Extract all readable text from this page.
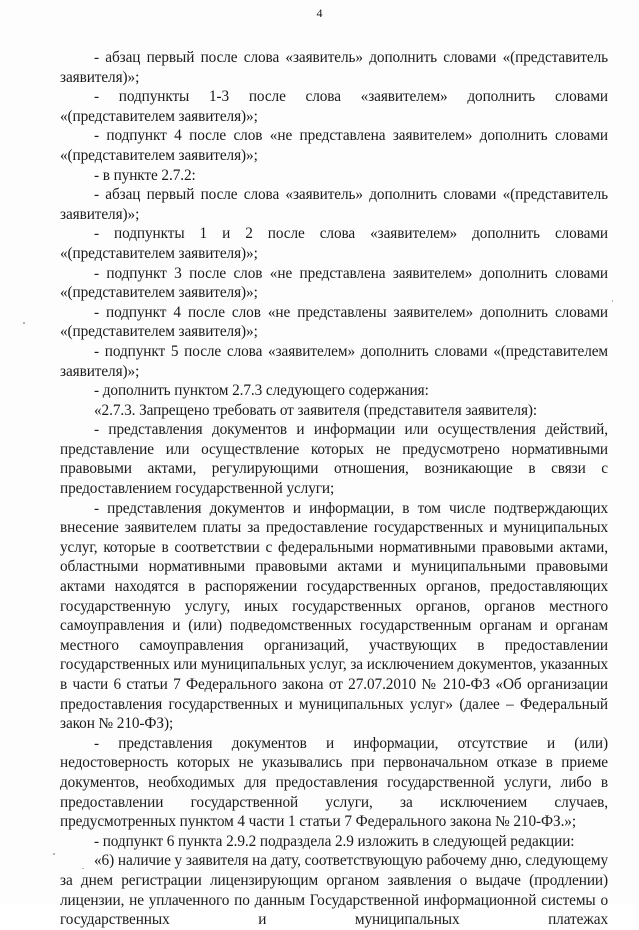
4

- абзац первый после слова «заявитель» дополнить словами «(представитель заявителя)»;

- подпункты 1-3 после слова «заявителем» дополнить словами «(представителем заявителя)»;

- подпункт 4 после слов «не представлена заявителем» дополнить словами «(представителем заявителя)»;

- в пункте 2.7.2:

- абзац первый после слова «заявитель» дополнить словами «(представитель заявителя)»;

- подпункты 1 и 2 после слова «заявителем» дополнить словами «(представителем заявителя)»;

- подпункт 3 после слов «не представлена заявителем» дополнить словами «(представителем заявителя)»;

- подпункт 4 после слов «не представлены заявителем» дополнить словами «(представителем заявителя)»;

- подпункт 5 после слова «заявителем» дополнить словами «(представителем заявителя)»;

- дополнить пунктом 2.7.3 следующего содержания:

«2.7.3. Запрещено требовать от заявителя (представителя заявителя):

- представления документов и информации или осуществления действий, представление или осуществление которых не предусмотрено нормативными правовыми актами, регулирующими отношения, возникающие в связи с предоставлением государственной услуги;

- представления документов и информации, в том числе подтверждающих внесение заявителем платы за предоставление государственных и муниципальных услуг, которые в соответствии с федеральными нормативными правовыми актами, областными нормативными правовыми актами и муниципальными правовыми актами находятся в распоряжении государственных органов, предоставляющих государственную услугу, иных государственных органов, органов местного самоуправления и (или) подведомственных государственным органам и органам местного самоуправления организаций, участвующих в предоставлении государственных или муниципальных услуг, за исключением документов, указанных в части 6 статьи 7 Федерального закона от 27.07.2010 № 210-ФЗ «Об организации предоставления государственных и муниципальных услуг» (далее – Федеральный закон № 210-ФЗ);

- представления документов и информации, отсутствие и (или) недостоверность которых не указывались при первоначальном отказе в приеме документов, необходимых для предоставления государственной услуги, либо в предоставлении государственной услуги, за исключением случаев, предусмотренных пунктом 4 части 1 статьи 7 Федерального закона № 210-ФЗ.»;

- подпункт 6 пункта 2.9.2 подраздела 2.9 изложить в следующей редакции:

«6) наличие у заявителя на дату, соответствующую рабочему дню, следующему за днем регистрации лицензирующим органом заявления о выдаче (продлении) лицензии, не уплаченного по данным Государственной информационной системы о государственных и муниципальных платежах
